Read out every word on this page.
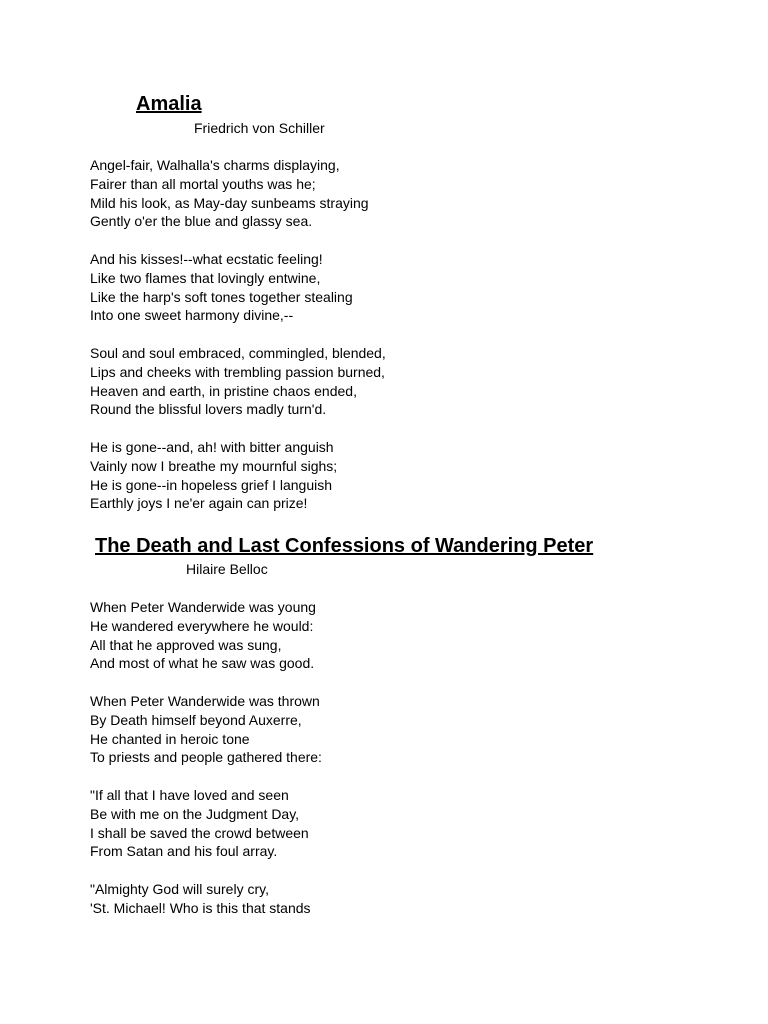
Amalia
Friedrich von Schiller

Angel-fair, Walhalla's charms displaying,
Fairer than all mortal youths was he;
Mild his look, as May-day sunbeams straying
Gently o'er the blue and glassy sea.

And his kisses!--what ecstatic feeling!
Like two flames that lovingly entwine,
Like the harp's soft tones together stealing
Into one sweet harmony divine,--

Soul and soul embraced, commingled, blended,
Lips and cheeks with trembling passion burned,
Heaven and earth, in pristine chaos ended,
Round the blissful lovers madly turn'd.

He is gone--and, ah! with bitter anguish
Vainly now I breathe my mournful sighs;
He is gone--in hopeless grief I languish
Earthly joys I ne'er again can prize!

The Death and Last Confessions of Wandering Peter
Hilaire Belloc

When Peter Wanderwide was young
He wandered everywhere he would:
All that he approved was sung,
And most of what he saw was good.

When Peter Wanderwide was thrown
By Death himself beyond Auxerre,
He chanted in heroic tone
To priests and people gathered there:

"If all that I have loved and seen
Be with me on the Judgment Day,
I shall be saved the crowd between
From Satan and his foul array.

"Almighty God will surely cry,
'St. Michael! Who is this that stands
